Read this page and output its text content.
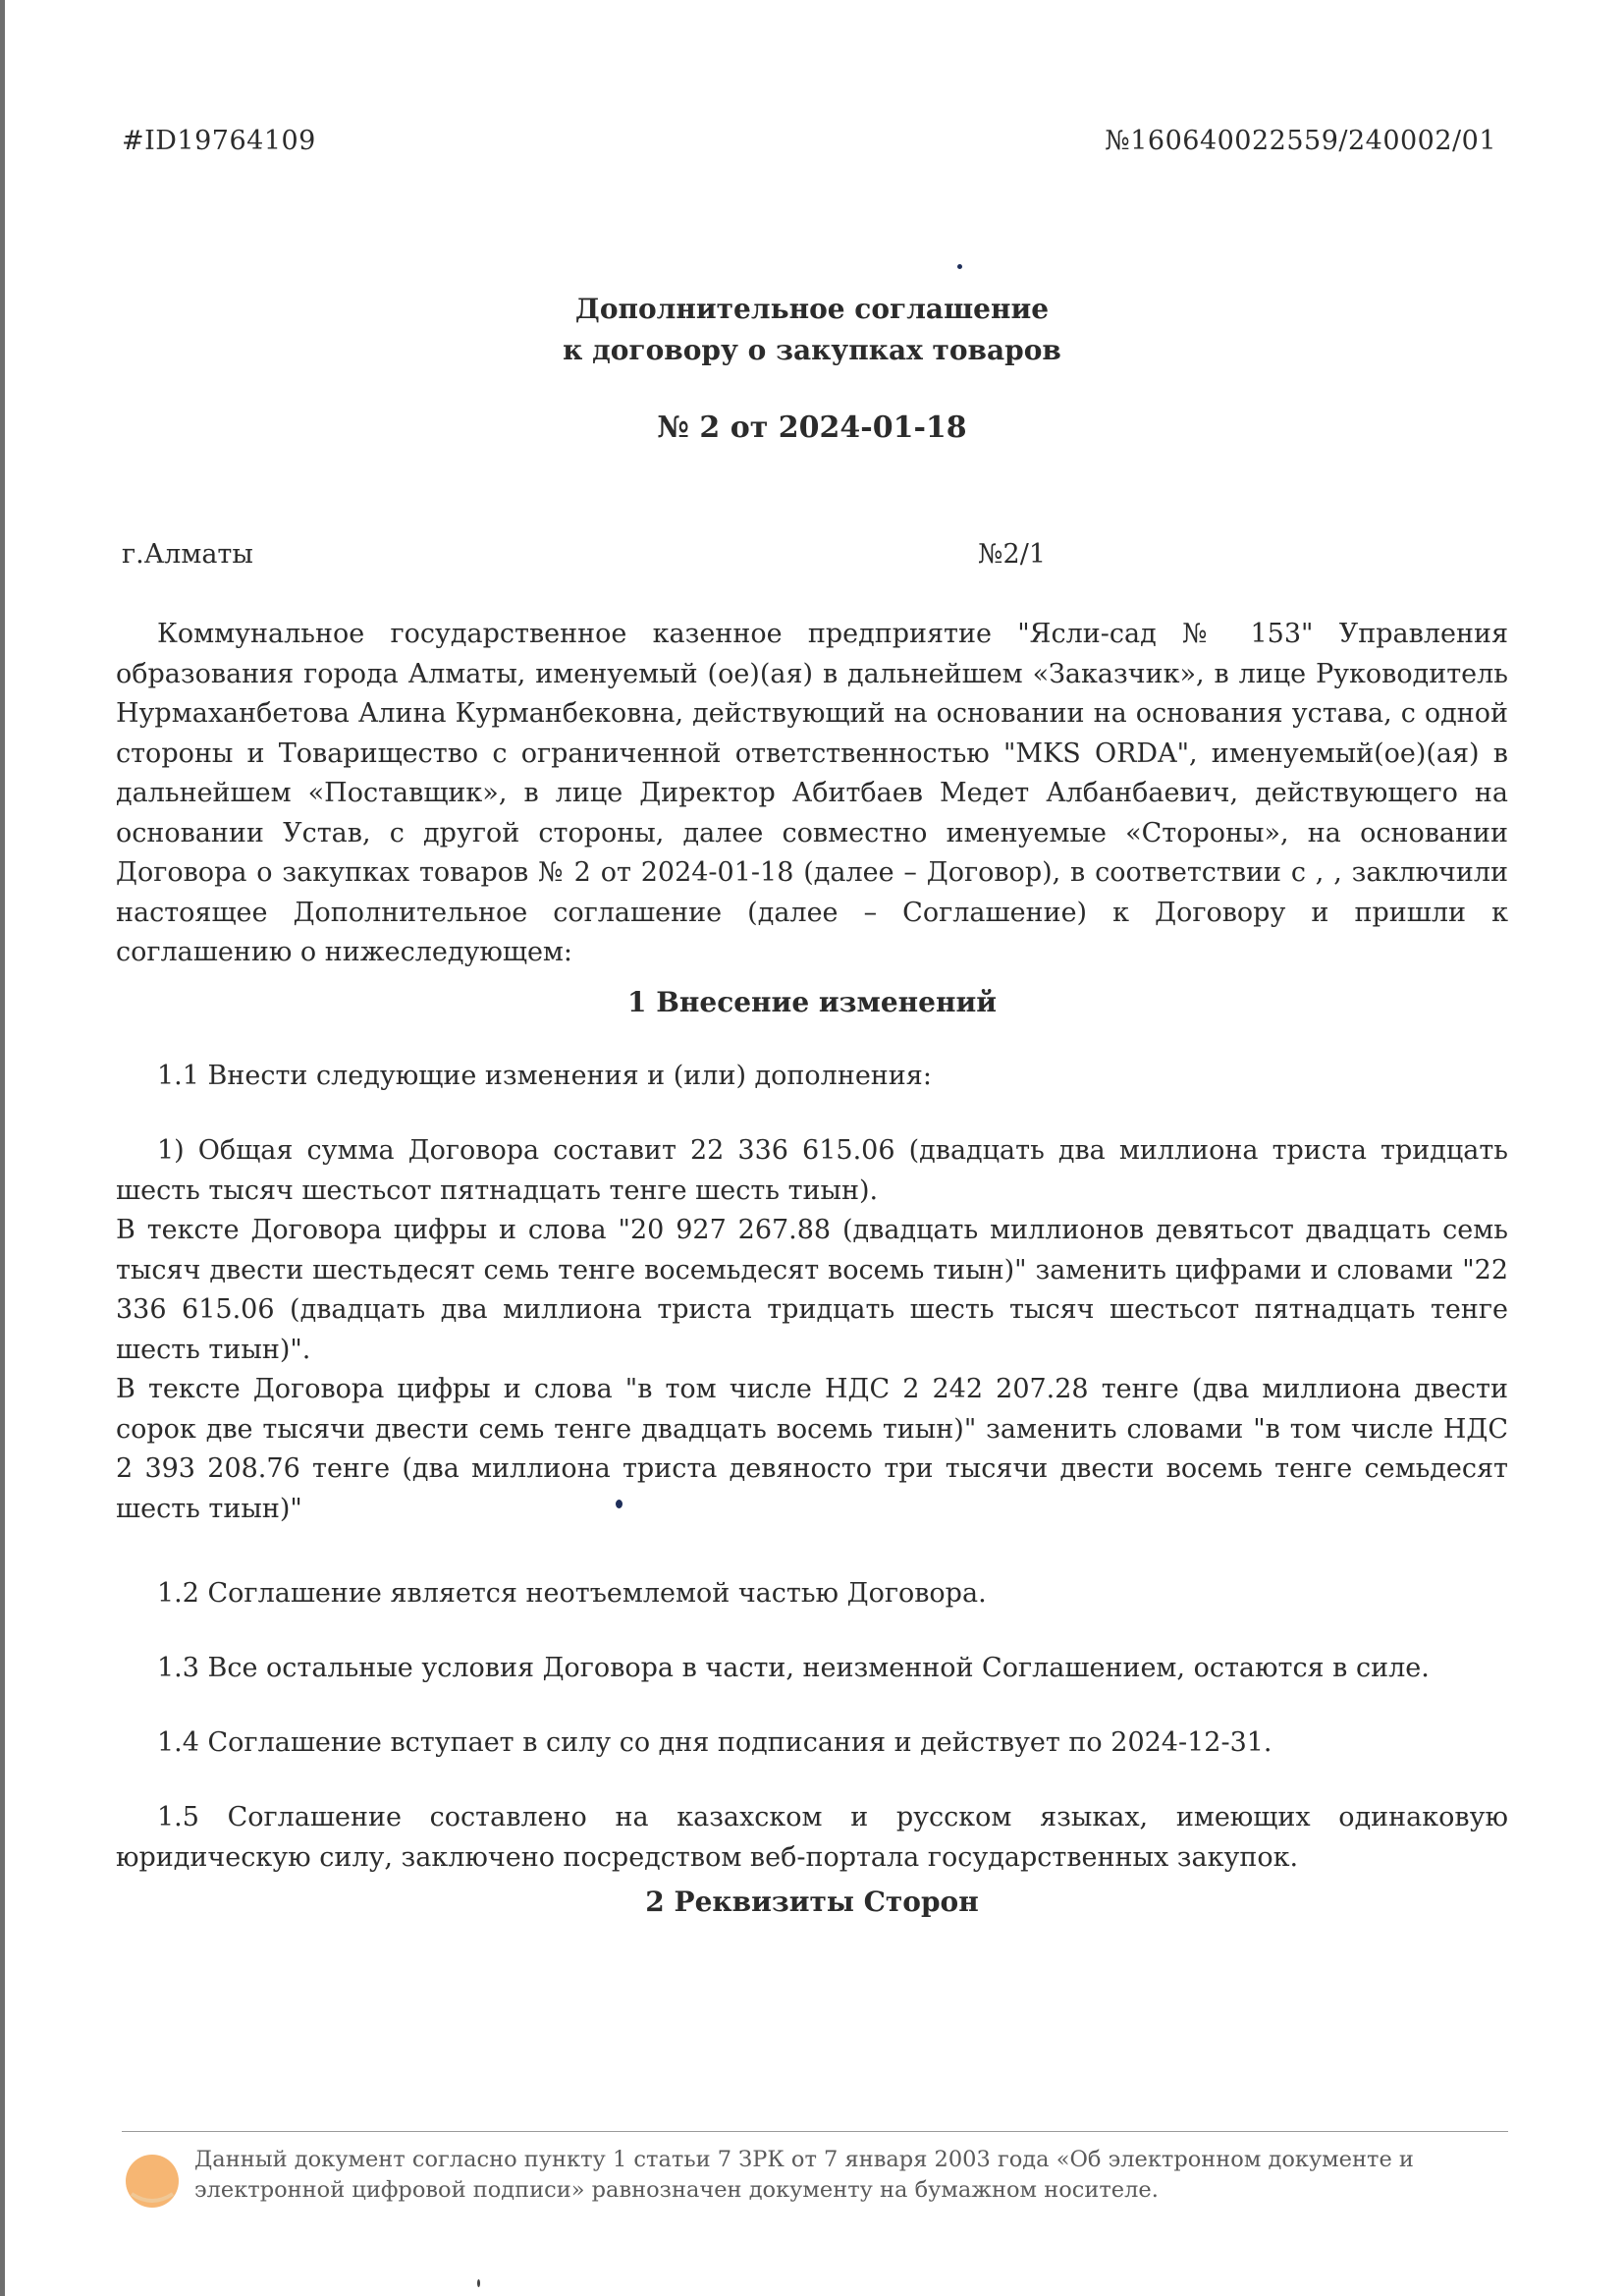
#ID19764109	№160640022559/240002/01
Дополнительное соглашение
к договору о закупках товаров
№ 2 от 2024-01-18
г.Алматы	№2/1

Коммунальное государственное казенное предприятие "Ясли-сад № 153" Управления образования города Алматы, именуемый (ое)(ая) в дальнейшем «Заказчик», в лице Руководитель Нурмаханбетова Алина Курманбековна, действующий на основании на основания устава, с одной стороны и Товарищество с ограниченной ответственностью "MKS ORDA", именуемый(ое)(ая) в дальнейшем «Поставщик», в лице Директор Абитбаев Медет Албанбаевич, действующего на основании Устав, с другой стороны, далее совместно именуемые «Стороны», на основании Договора о закупках товаров № 2 от 2024-01-18 (далее – Договор), в соответствии с , , заключили настоящее Дополнительное соглашение (далее – Соглашение) к Договору и пришли к соглашению о нижеследующем:

1 Внесение изменений

1.1 Внести следующие изменения и (или) дополнения:

1) Общая сумма Договора составит 22 336 615.06 (двадцать два миллиона триста тридцать шесть тысяч шестьсот пятнадцать тенге шесть тиын).

В тексте Договора цифры и слова "20 927 267.88 (двадцать миллионов девятьсот двадцать семь тысяч двести шестьдесят семь тенге восемьдесят восемь тиын)" заменить цифрами и словами "22 336 615.06 (двадцать два миллиона триста тридцать шесть тысяч шестьсот пятнадцать тенге шесть тиын)".

В тексте Договора цифры и слова "в том числе НДС 2 242 207.28 тенге (два миллиона двести сорок две тысячи двести семь тенге двадцать восемь тиын)" заменить словами "в том числе НДС 2 393 208.76 тенге (два миллиона триста девяносто три тысячи двести восемь тенге семьдесят шесть тиын)"

1.2 Соглашение является неотъемлемой частью Договора.

1.3 Все остальные условия Договора в части, неизменной Соглашением, остаются в силе.

1.4 Соглашение вступает в силу со дня подписания и действует по 2024-12-31.

1.5 Соглашение составлено на казахском и русском языках, имеющих одинаковую юридическую силу, заключено посредством веб-портала государственных закупок.

2 Реквизиты Сторон
Данный документ согласно пункту 1 статьи 7 ЗРК от 7 января 2003 года «Об электронном документе и электронной цифровой подписи» равнозначен документу на бумажном носителе.
